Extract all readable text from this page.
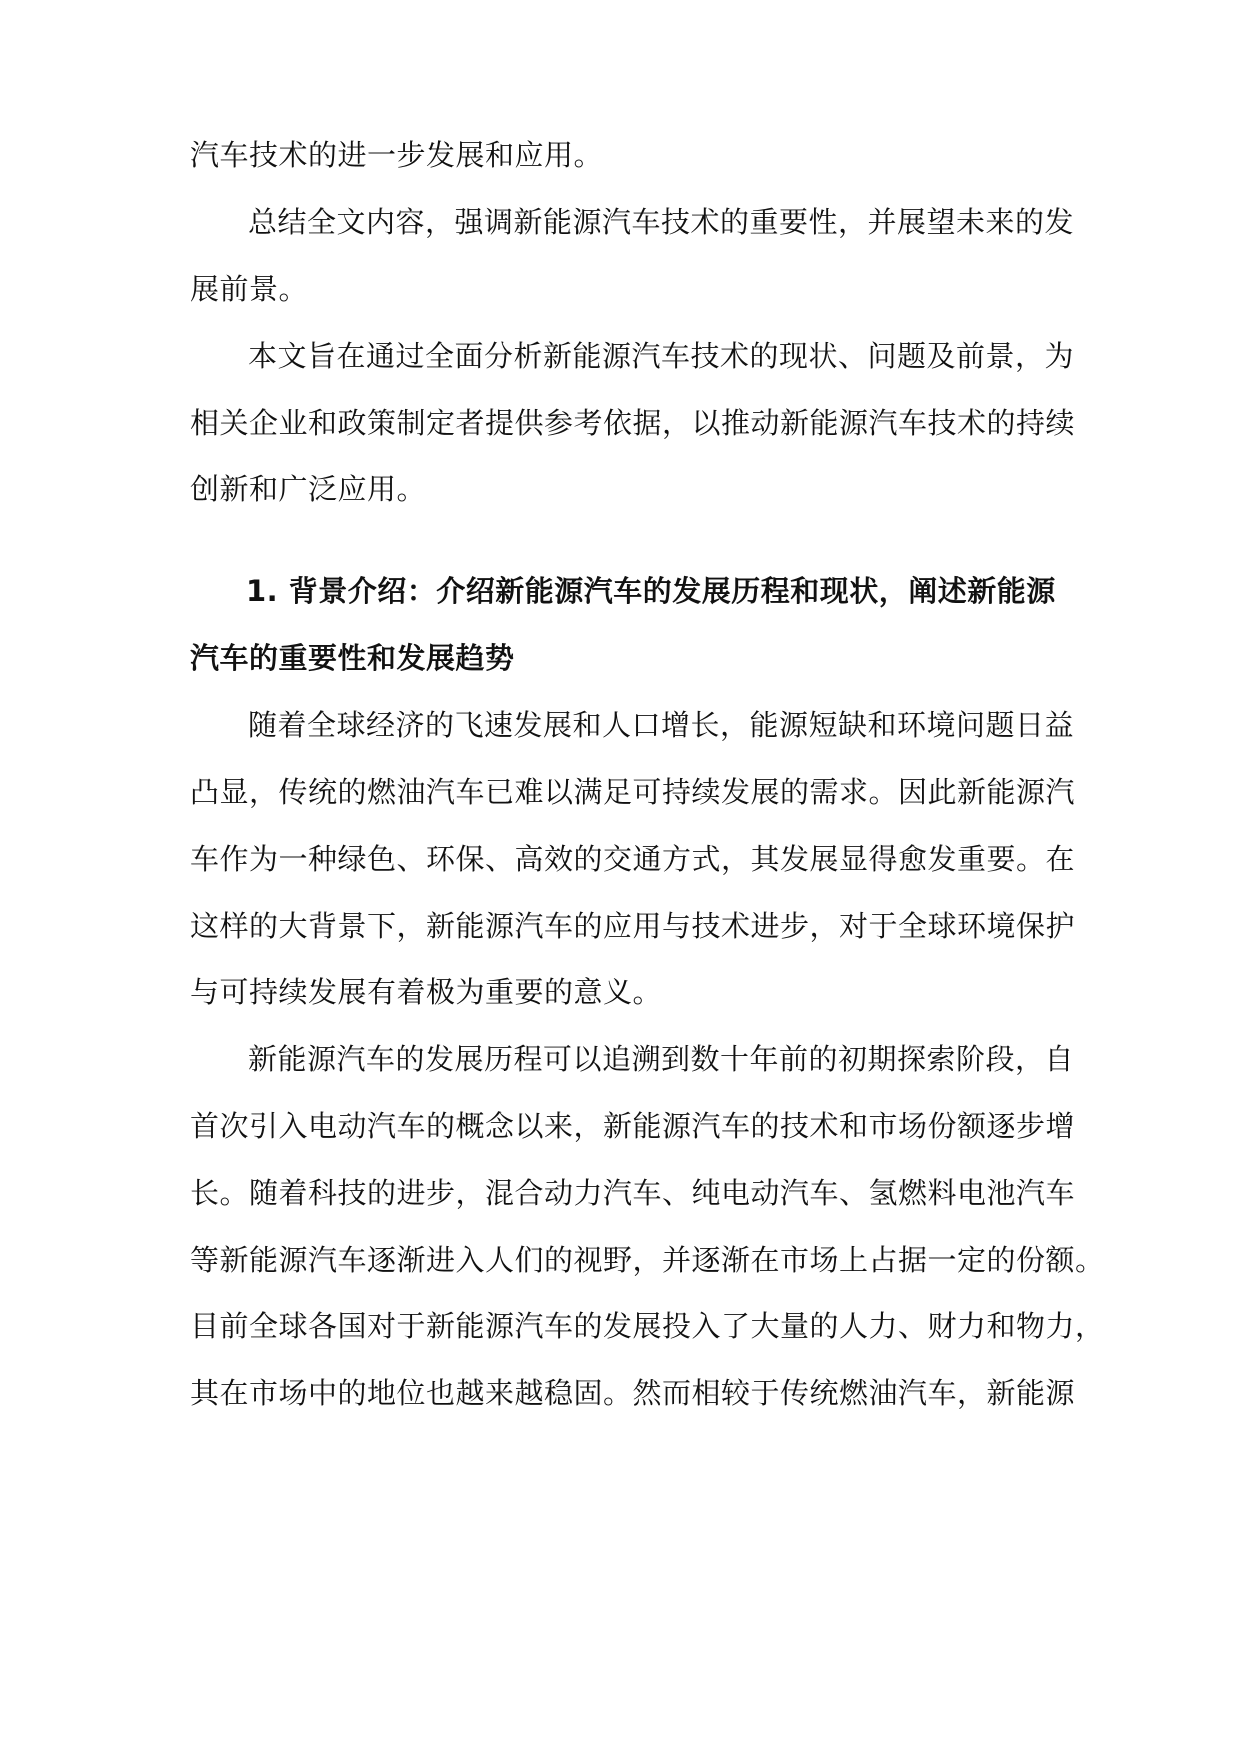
汽车技术的进一步发展和应用。
总结全文内容，强调新能源汽车技术的重要性，并展望未来的发
展前景。
本文旨在通过全面分析新能源汽车技术的现状、问题及前景，为
相关企业和政策制定者提供参考依据，以推动新能源汽车技术的持续
创新和广泛应用。
1. 背景介绍：介绍新能源汽车的发展历程和现状，阐述新能源
汽车的重要性和发展趋势
随着全球经济的飞速发展和人口增长，能源短缺和环境问题日益
凸显，传统的燃油汽车已难以满足可持续发展的需求。因此新能源汽
车作为一种绿色、环保、高效的交通方式，其发展显得愈发重要。在
这样的大背景下，新能源汽车的应用与技术进步，对于全球环境保护
与可持续发展有着极为重要的意义。
新能源汽车的发展历程可以追溯到数十年前的初期探索阶段，自
首次引入电动汽车的概念以来，新能源汽车的技术和市场份额逐步增
长。随着科技的进步，混合动力汽车、纯电动汽车、氢燃料电池汽车
等新能源汽车逐渐进入人们的视野，并逐渐在市场上占据一定的份额。
目前全球各国对于新能源汽车的发展投入了大量的人力、财力和物力，
其在市场中的地位也越来越稳固。然而相较于传统燃油汽车，新能源
